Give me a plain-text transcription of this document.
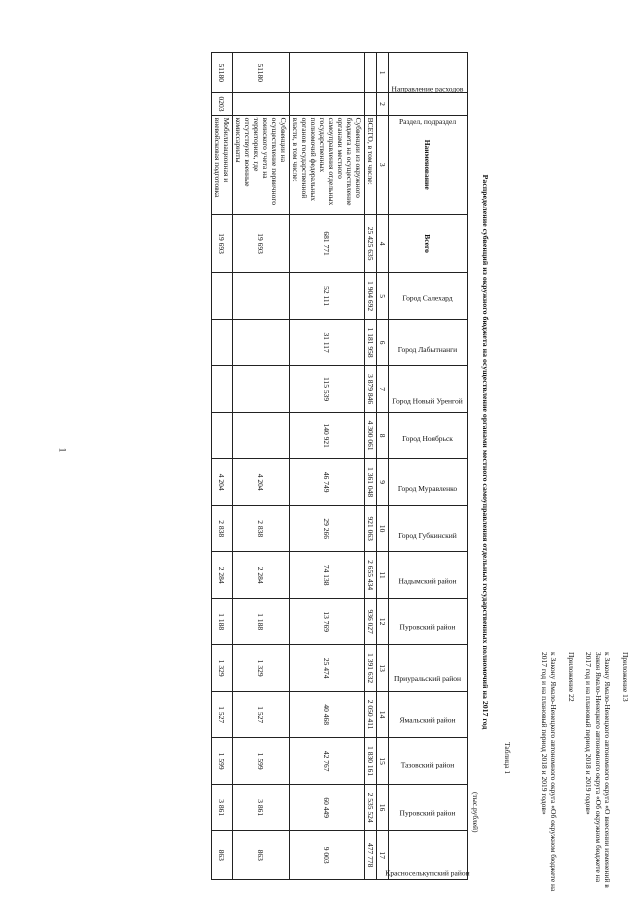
1

Приложение 13

к Закону Ямало-Ненецкого автономного округа «О внесении изменений в Закон Ямало-Ненецкого автономного округа «Об окружном бюджете на 2017 год и на плановый период 2018 и 2019 годов»

Приложение 22

к Закону Ямало-Ненецкого автономного округа «Об окружном бюджете на 2017 год и на плановый период 2018 и 2019 годов»

Таблица 1
Распределение субвенций из окружного бюджета на осуществление органами местного самоуправления отдельных государственных полномочий на 2017 год
(тыс.рублей)
Направление расходов	Раздел, подраздел	Наименование	Всего	Город Салехард	Город Лабытнанги	Город Новый Уренгой	Город Ноябрьск	Город Муравленко	Город Губкинский	Надымский район	Пуровский район	Приуральский район	Ямальский район	Тазовский район	Пуровский район	Красноселькупский район
1	2	3	4	5	6	7	8	9	10	11	12	13	14	15	16	17
		ВСЕГО, в том числе:	25 425 635	1 904 692	1 181 958	3 879 846	4 300 061	1 361 048	921 063	2 655 434	936 027	1 391 632	2 050 411	1 830 161	2 535 524	477 778
		Субвенции из окружного бюджета на осуществление органами местного самоуправления отдельных государственных полномочий федеральных органов государственной власти, в том числе:	681 771	52 111	31 117	115 539	140 921	46 749	29 266	74 138	13 769	25 474	40 468	42 767	60 449	9 003
51180		Субвенции на осуществление первичного воинского учета на территориях, где отсутствуют военные комиссариаты	19 693					4 204	2 838	2 284	1 188	1 329	1 527	1 599	3 861	863
51180	0203	Мобилизационная и вневойсковая подготовка	19 693					4 204	2 838	2 284	1 188	1 329	1 527	1 599	3 861	863
